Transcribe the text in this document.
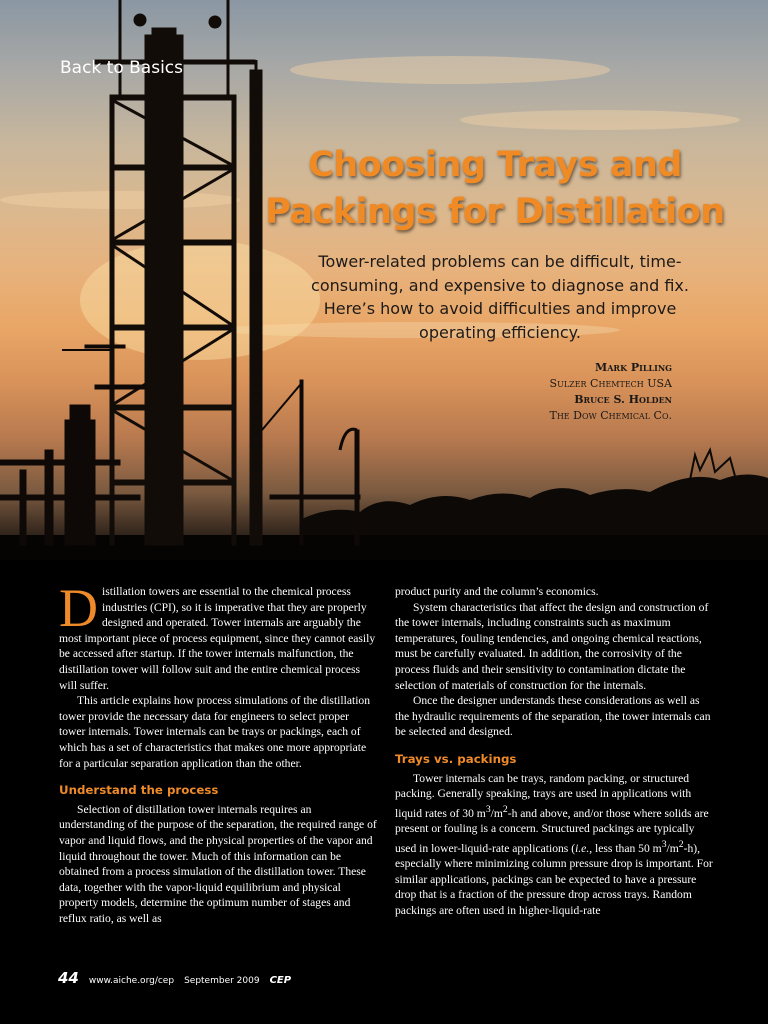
Back to Basics
Choosing Trays and
Packings for Distillation
Tower-related problems can be difficult, time-consuming, and expensive to diagnose and fix. Here’s how to avoid difficulties and improve operating efficiency.
Mark Pilling
Sulzer Chemtech USA
Bruce S. Holden
The Dow Chemical Co.

Distillation towers are essential to the chemical process industries (CPI), so it is imperative that they are properly designed and operated. Tower internals are arguably the most important piece of process equipment, since they cannot easily be accessed after startup. If the tower internals malfunction, the distillation tower will follow suit and the entire chemical process will suffer.

This article explains how process simulations of the distillation tower provide the necessary data for engineers to select proper tower internals. Tower internals can be trays or packings, each of which has a set of characteristics that makes one more appropriate for a particular separation application than the other.

Understand the process

Selection of distillation tower internals requires an understanding of the purpose of the separation, the required range of vapor and liquid flows, and the physical properties of the vapor and liquid throughout the tower. Much of this information can be obtained from a process simulation of the distillation tower. These data, together with the vapor-liquid equilibrium and physical property models, determine the optimum number of stages and reflux ratio, as well as

product purity and the column’s economics.

System characteristics that affect the design and construction of the tower internals, including constraints such as maximum temperatures, fouling tendencies, and ongoing chemical reactions, must be carefully evaluated. In addition, the corrosivity of the process fluids and their sensitivity to contamination dictate the selection of materials of construction for the internals.

Once the designer understands these considerations as well as the hydraulic requirements of the separation, the tower internals can be selected and designed.

Trays vs. packings

Tower internals can be trays, random packing, or structured packing. Generally speaking, trays are used in applications with liquid rates of 30 $m^3/m^2-h$ and above, and/or those where solids are present or fouling is a concern. Structured packings are typically used in lower-liquid-rate applications (i.e., less than 50 $m^3/m^2-h$), especially where minimizing column pressure drop is important. For similar applications, packings can be expected to have a pressure drop that is a fraction of the pressure drop across trays. Random packings are often used in higher-liquid-rate

44 www.aiche.org/cep September 2009 CEP
